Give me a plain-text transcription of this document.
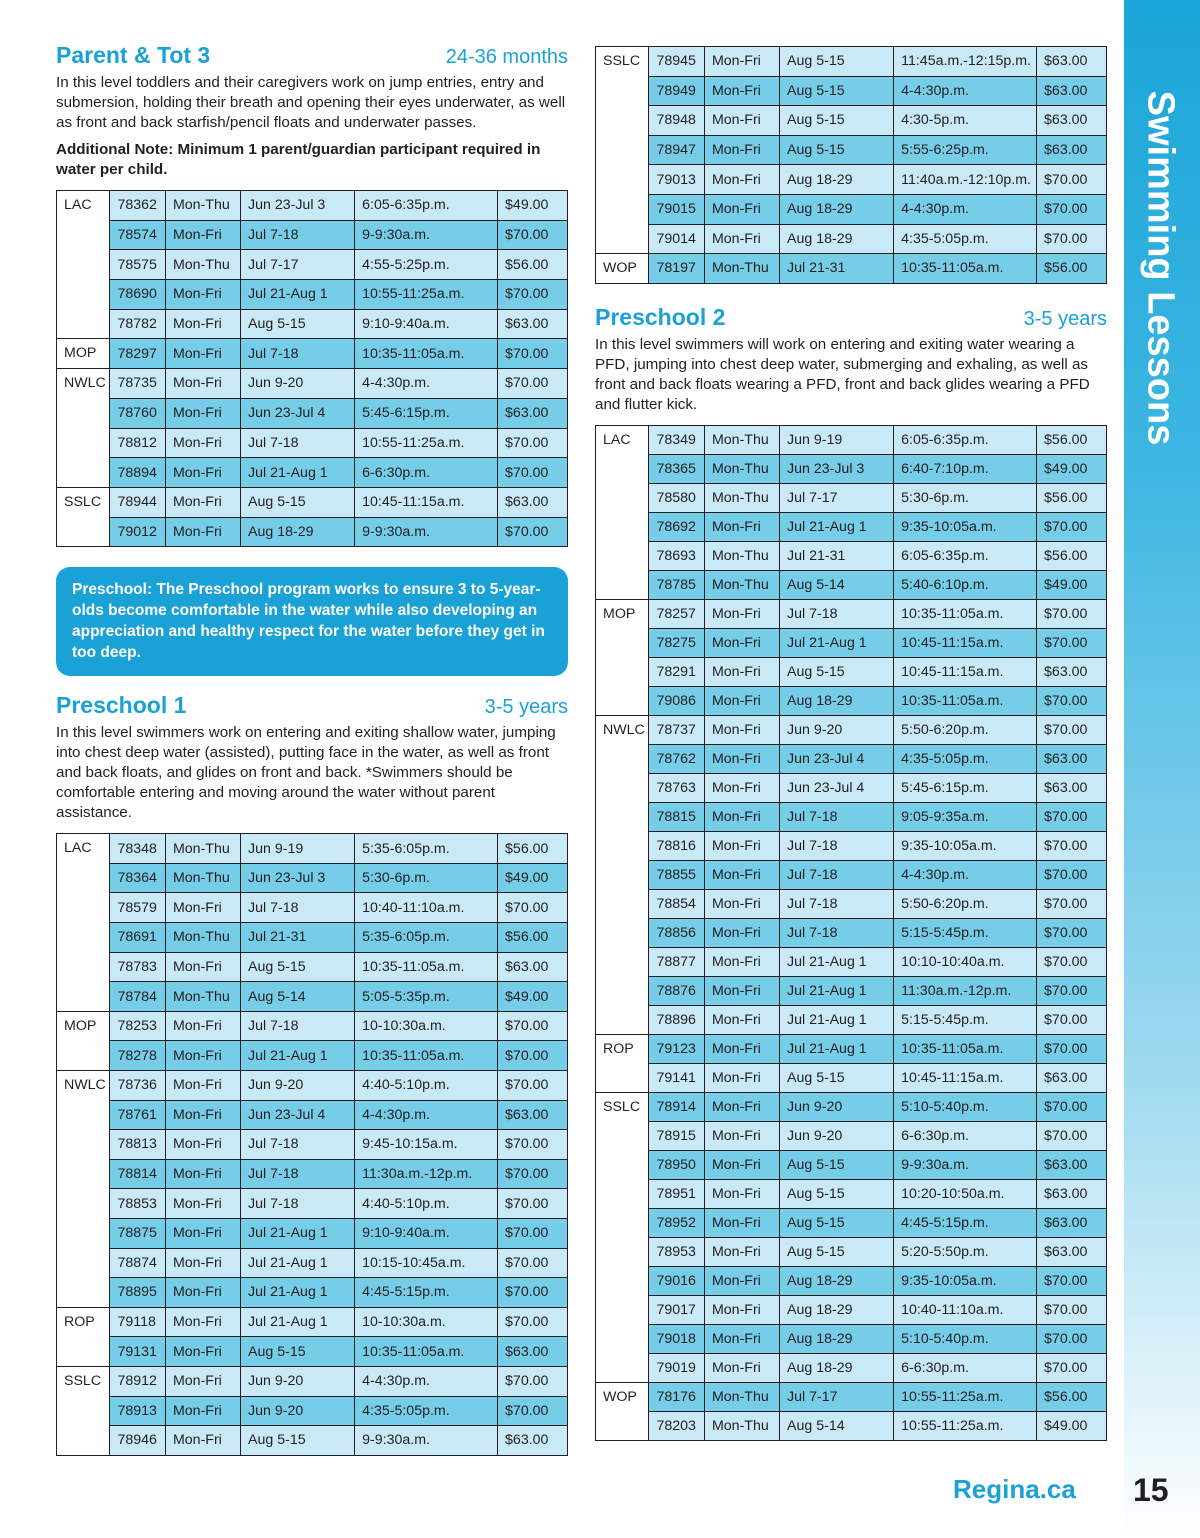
Swimming Lessons
Parent & Tot 3	24-36 months

In this level toddlers and their caregivers work on jump entries, entry and submersion, holding their breath and opening their eyes underwater, as well as front and back starfish/pencil floats and underwater passes.

Additional Note: Minimum 1 parent/guardian participant required in water per child.

LAC	78362	Mon-Thu	Jun 23-Jul 3	6:05-6:35p.m.	$49.00
	78574	Mon-Fri	Jul 7-18	9-9:30a.m.	$70.00
	78575	Mon-Thu	Jul 7-17	4:55-5:25p.m.	$56.00
	78690	Mon-Fri	Jul 21-Aug 1	10:55-11:25a.m.	$70.00
	78782	Mon-Fri	Aug 5-15	9:10-9:40a.m.	$63.00
MOP	78297	Mon-Fri	Jul 7-18	10:35-11:05a.m.	$70.00
NWLC	78735	Mon-Fri	Jun 9-20	4-4:30p.m.	$70.00
	78760	Mon-Fri	Jun 23-Jul 4	5:45-6:15p.m.	$63.00
	78812	Mon-Fri	Jul 7-18	10:55-11:25a.m.	$70.00
	78894	Mon-Fri	Jul 21-Aug 1	6-6:30p.m.	$70.00
SSLC	78944	Mon-Fri	Aug 5-15	10:45-11:15a.m.	$63.00
	79012	Mon-Fri	Aug 18-29	9-9:30a.m.	$70.00
Preschool: The Preschool program works to ensure 3 to 5-year-olds become comfortable in the water while also developing an appreciation and healthy respect for the water before they get in too deep.
Preschool 1	3-5 years

In this level swimmers work on entering and exiting shallow water, jumping into chest deep water (assisted), putting face in the water, as well as front and back floats, and glides on front and back. *Swimmers should be comfortable entering and moving around the water without parent assistance.

LAC	78348	Mon-Thu	Jun 9-19	5:35-6:05p.m.	$56.00
	78364	Mon-Thu	Jun 23-Jul 3	5:30-6p.m.	$49.00
	78579	Mon-Fri	Jul 7-18	10:40-11:10a.m.	$70.00
	78691	Mon-Thu	Jul 21-31	5:35-6:05p.m.	$56.00
	78783	Mon-Fri	Aug 5-15	10:35-11:05a.m.	$63.00
	78784	Mon-Thu	Aug 5-14	5:05-5:35p.m.	$49.00
MOP	78253	Mon-Fri	Jul 7-18	10-10:30a.m.	$70.00
	78278	Mon-Fri	Jul 21-Aug 1	10:35-11:05a.m.	$70.00
NWLC	78736	Mon-Fri	Jun 9-20	4:40-5:10p.m.	$70.00
	78761	Mon-Fri	Jun 23-Jul 4	4-4:30p.m.	$63.00
	78813	Mon-Fri	Jul 7-18	9:45-10:15a.m.	$70.00
	78814	Mon-Fri	Jul 7-18	11:30a.m.-12p.m.	$70.00
	78853	Mon-Fri	Jul 7-18	4:40-5:10p.m.	$70.00
	78875	Mon-Fri	Jul 21-Aug 1	9:10-9:40a.m.	$70.00
	78874	Mon-Fri	Jul 21-Aug 1	10:15-10:45a.m.	$70.00
	78895	Mon-Fri	Jul 21-Aug 1	4:45-5:15p.m.	$70.00
ROP	79118	Mon-Fri	Jul 21-Aug 1	10-10:30a.m.	$70.00
	79131	Mon-Fri	Aug 5-15	10:35-11:05a.m.	$63.00
SSLC	78912	Mon-Fri	Jun 9-20	4-4:30p.m.	$70.00
	78913	Mon-Fri	Jun 9-20	4:35-5:05p.m.	$70.00
	78946	Mon-Fri	Aug 5-15	9-9:30a.m.	$63.00
SSLC	78945	Mon-Fri	Aug 5-15	11:45a.m.-12:15p.m.	$63.00
	78949	Mon-Fri	Aug 5-15	4-4:30p.m.	$63.00
	78948	Mon-Fri	Aug 5-15	4:30-5p.m.	$63.00
	78947	Mon-Fri	Aug 5-15	5:55-6:25p.m.	$63.00
	79013	Mon-Fri	Aug 18-29	11:40a.m.-12:10p.m.	$70.00
	79015	Mon-Fri	Aug 18-29	4-4:30p.m.	$70.00
	79014	Mon-Fri	Aug 18-29	4:35-5:05p.m.	$70.00
WOP	78197	Mon-Thu	Jul 21-31	10:35-11:05a.m.	$56.00
Preschool 2	3-5 years

In this level swimmers will work on entering and exiting water wearing a PFD, jumping into chest deep water, submerging and exhaling, as well as front and back floats wearing a PFD, front and back glides wearing a PFD and flutter kick.

LAC	78349	Mon-Thu	Jun 9-19	6:05-6:35p.m.	$56.00
	78365	Mon-Thu	Jun 23-Jul 3	6:40-7:10p.m.	$49.00
	78580	Mon-Thu	Jul 7-17	5:30-6p.m.	$56.00
	78692	Mon-Fri	Jul 21-Aug 1	9:35-10:05a.m.	$70.00
	78693	Mon-Thu	Jul 21-31	6:05-6:35p.m.	$56.00
	78785	Mon-Thu	Aug 5-14	5:40-6:10p.m.	$49.00
MOP	78257	Mon-Fri	Jul 7-18	10:35-11:05a.m.	$70.00
	78275	Mon-Fri	Jul 21-Aug 1	10:45-11:15a.m.	$70.00
	78291	Mon-Fri	Aug 5-15	10:45-11:15a.m.	$63.00
	79086	Mon-Fri	Aug 18-29	10:35-11:05a.m.	$70.00
NWLC	78737	Mon-Fri	Jun 9-20	5:50-6:20p.m.	$70.00
	78762	Mon-Fri	Jun 23-Jul 4	4:35-5:05p.m.	$63.00
	78763	Mon-Fri	Jun 23-Jul 4	5:45-6:15p.m.	$63.00
	78815	Mon-Fri	Jul 7-18	9:05-9:35a.m.	$70.00
	78816	Mon-Fri	Jul 7-18	9:35-10:05a.m.	$70.00
	78855	Mon-Fri	Jul 7-18	4-4:30p.m.	$70.00
	78854	Mon-Fri	Jul 7-18	5:50-6:20p.m.	$70.00
	78856	Mon-Fri	Jul 7-18	5:15-5:45p.m.	$70.00
	78877	Mon-Fri	Jul 21-Aug 1	10:10-10:40a.m.	$70.00
	78876	Mon-Fri	Jul 21-Aug 1	11:30a.m.-12p.m.	$70.00
	78896	Mon-Fri	Jul 21-Aug 1	5:15-5:45p.m.	$70.00
ROP	79123	Mon-Fri	Jul 21-Aug 1	10:35-11:05a.m.	$70.00
	79141	Mon-Fri	Aug 5-15	10:45-11:15a.m.	$63.00
SSLC	78914	Mon-Fri	Jun 9-20	5:10-5:40p.m.	$70.00
	78915	Mon-Fri	Jun 9-20	6-6:30p.m.	$70.00
	78950	Mon-Fri	Aug 5-15	9-9:30a.m.	$63.00
	78951	Mon-Fri	Aug 5-15	10:20-10:50a.m.	$63.00
	78952	Mon-Fri	Aug 5-15	4:45-5:15p.m.	$63.00
	78953	Mon-Fri	Aug 5-15	5:20-5:50p.m.	$63.00
	79016	Mon-Fri	Aug 18-29	9:35-10:05a.m.	$70.00
	79017	Mon-Fri	Aug 18-29	10:40-11:10a.m.	$70.00
	79018	Mon-Fri	Aug 18-29	5:10-5:40p.m.	$70.00
	79019	Mon-Fri	Aug 18-29	6-6:30p.m.	$70.00
WOP	78176	Mon-Thu	Jul 7-17	10:55-11:25a.m.	$56.00
	78203	Mon-Thu	Aug 5-14	10:55-11:25a.m.	$49.00
Regina.ca 15
